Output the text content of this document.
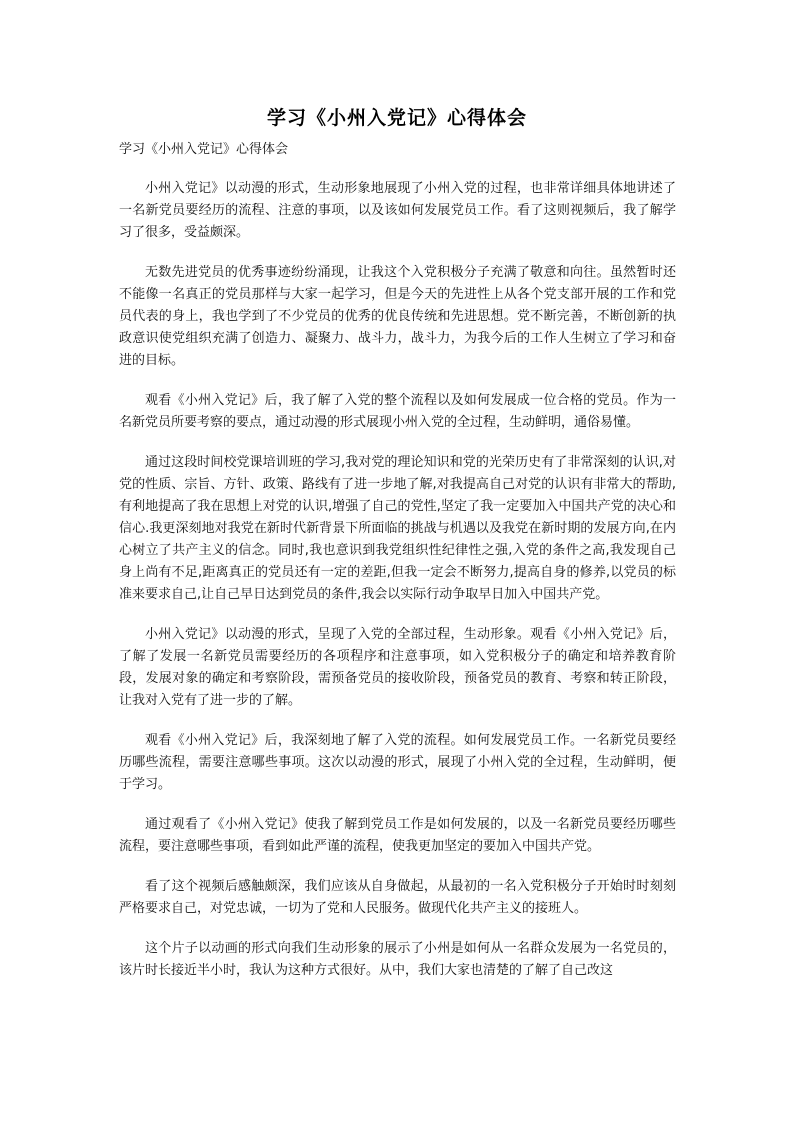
学习《小州入党记》心得体会

学习《小州入党记》心得体会

小州入党记》以动漫的形式，生动形象地展现了小州入党的过程，也非常详细具体地讲述了一名新党员要经历的流程、注意的事项，以及该如何发展党员工作。看了这则视频后，我了解学习了很多，受益颇深。

无数先进党员的优秀事迹纷纷涌现，让我这个入党积极分子充满了敬意和向往。虽然暂时还不能像一名真正的党员那样与大家一起学习，但是今天的先进性上从各个党支部开展的工作和党员代表的身上，我也学到了不少党员的优秀的优良传统和先进思想。党不断完善，不断创新的执政意识使党组织充满了创造力、凝聚力、战斗力，战斗力，为我今后的工作人生树立了学习和奋进的目标。

观看《小州入党记》后，我了解了入党的整个流程以及如何发展成一位合格的党员。作为一名新党员所要考察的要点，通过动漫的形式展现小州入党的全过程，生动鲜明，通俗易懂。

通过这段时间校党课培训班的学习,我对党的理论知识和党的光荣历史有了非常深刻的认识,对党的性质、宗旨、方针、政策、路线有了进一步地了解,对我提高自己对党的认识有非常大的帮助,有利地提高了我在思想上对党的认识,增强了自己的党性,坚定了我一定要加入中国共产党的决心和信心.我更深刻地对我党在新时代新背景下所面临的挑战与机遇以及我党在新时期的发展方向,在内心树立了共产主义的信念。同时,我也意识到我党组织性纪律性之强,入党的条件之高,我发现自己身上尚有不足,距离真正的党员还有一定的差距,但我一定会不断努力,提高自身的修养,以党员的标准来要求自己,让自己早日达到党员的条件,我会以实际行动争取早日加入中国共产党。

小州入党记》以动漫的形式，呈现了入党的全部过程，生动形象。观看《小州入党记》后，了解了发展一名新党员需要经历的各项程序和注意事项，如入党积极分子的确定和培养教育阶段，发展对象的确定和考察阶段，需预备党员的接收阶段，预备党员的教育、考察和转正阶段，让我对入党有了进一步的了解。

观看《小州入党记》后，我深刻地了解了入党的流程。如何发展党员工作。一名新党员要经历哪些流程，需要注意哪些事项。这次以动漫的形式，展现了小州入党的全过程，生动鲜明，便于学习。

通过观看了《小州入党记》使我了解到党员工作是如何发展的，以及一名新党员要经历哪些流程，要注意哪些事项，看到如此严谨的流程，使我更加坚定的要加入中国共产党。

看了这个视频后感触颇深，我们应该从自身做起，从最初的一名入党积极分子开始时时刻刻严格要求自己，对党忠诚，一切为了党和人民服务。做现代化共产主义的接班人。

这个片子以动画的形式向我们生动形象的展示了小州是如何从一名群众发展为一名党员的，该片时长接近半小时，我认为这种方式很好。从中，我们大家也清楚的了解了自己改这
